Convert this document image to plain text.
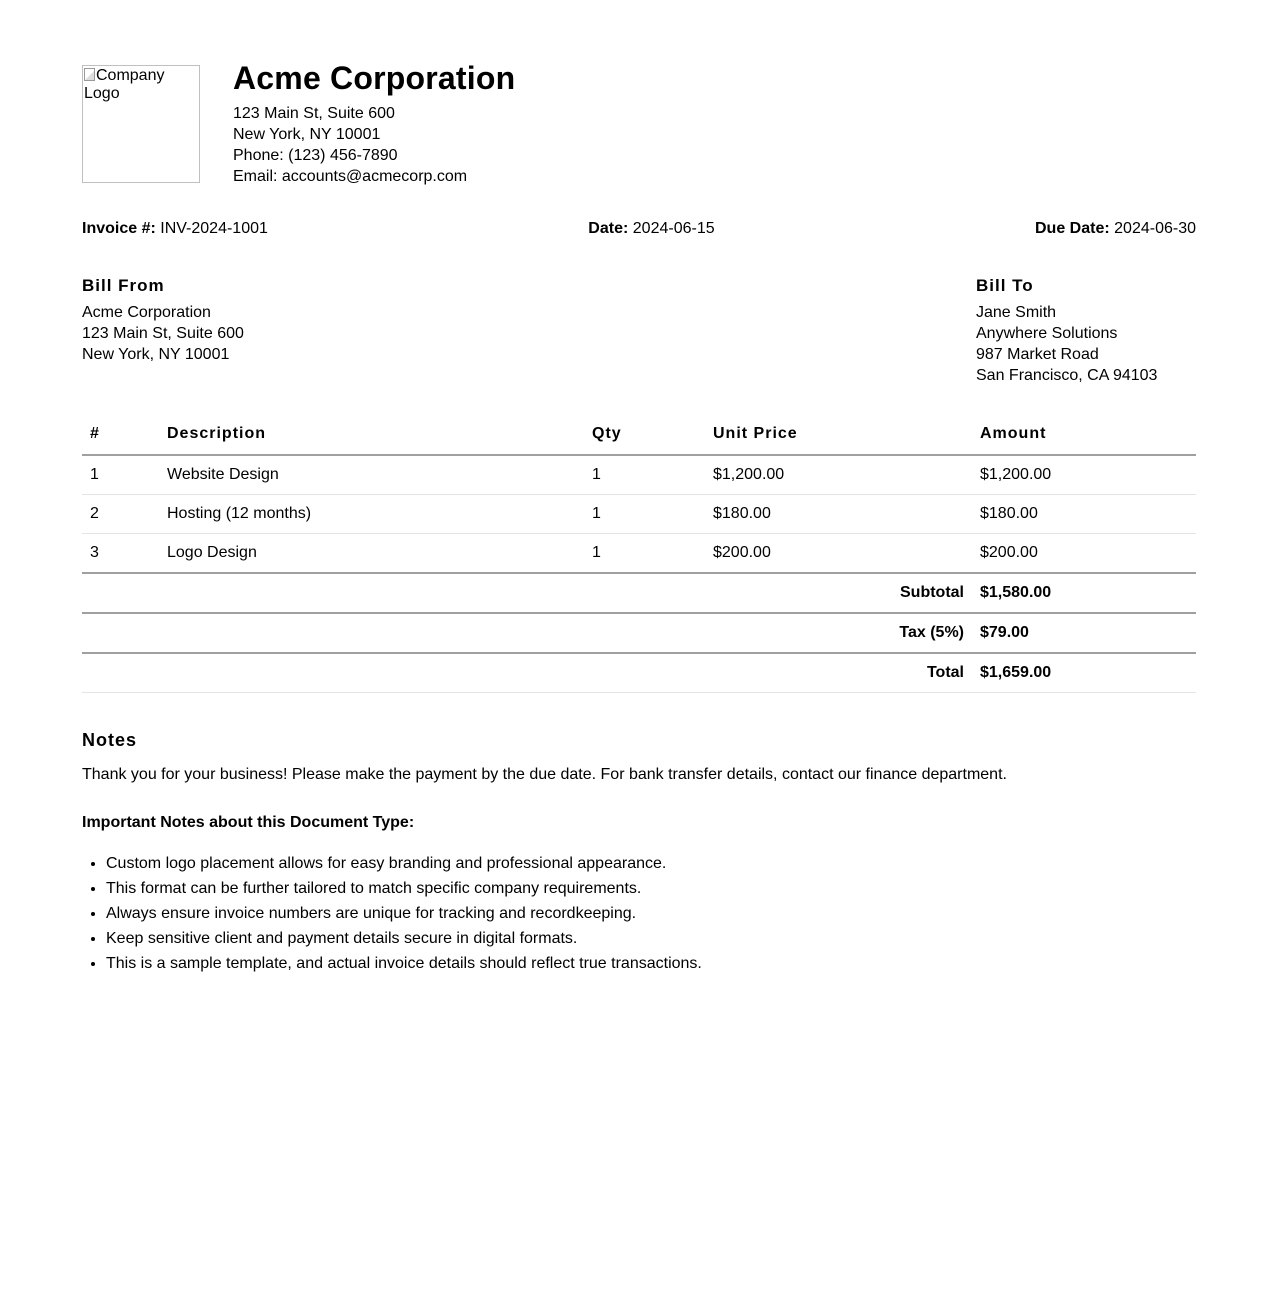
Company Logo	Acme Corporation
123 Main St, Suite 600
New York, NY 10001
Phone: (123) 456-7890
Email: accounts@acmecorp.com
Invoice #: INV-2024-1001	Date: 2024-06-15	Due Date: 2024-06-30
Bill From
Acme Corporation
123 Main St, Suite 600
New York, NY 10001
Bill To
Jane Smith
Anywhere Solutions
987 Market Road
San Francisco, CA 94103
#	Description	Qty	Unit Price	Amount
1	Website Design	1	$1,200.00	$1,200.00
2	Hosting (12 months)	1	$180.00	$180.00
3	Logo Design	1	$200.00	$200.00
Subtotal				$1,580.00
Tax (5%)				$79.00
Total				$1,659.00
Notes
Thank you for your business! Please make the payment by the due date. For bank transfer details, contact our finance department.
Important Notes about this Document Type:
• Custom logo placement allows for easy branding and professional appearance.
• This format can be further tailored to match specific company requirements.
• Always ensure invoice numbers are unique for tracking and recordkeeping.
• Keep sensitive client and payment details secure in digital formats.
• This is a sample template, and actual invoice details should reflect true transactions.
